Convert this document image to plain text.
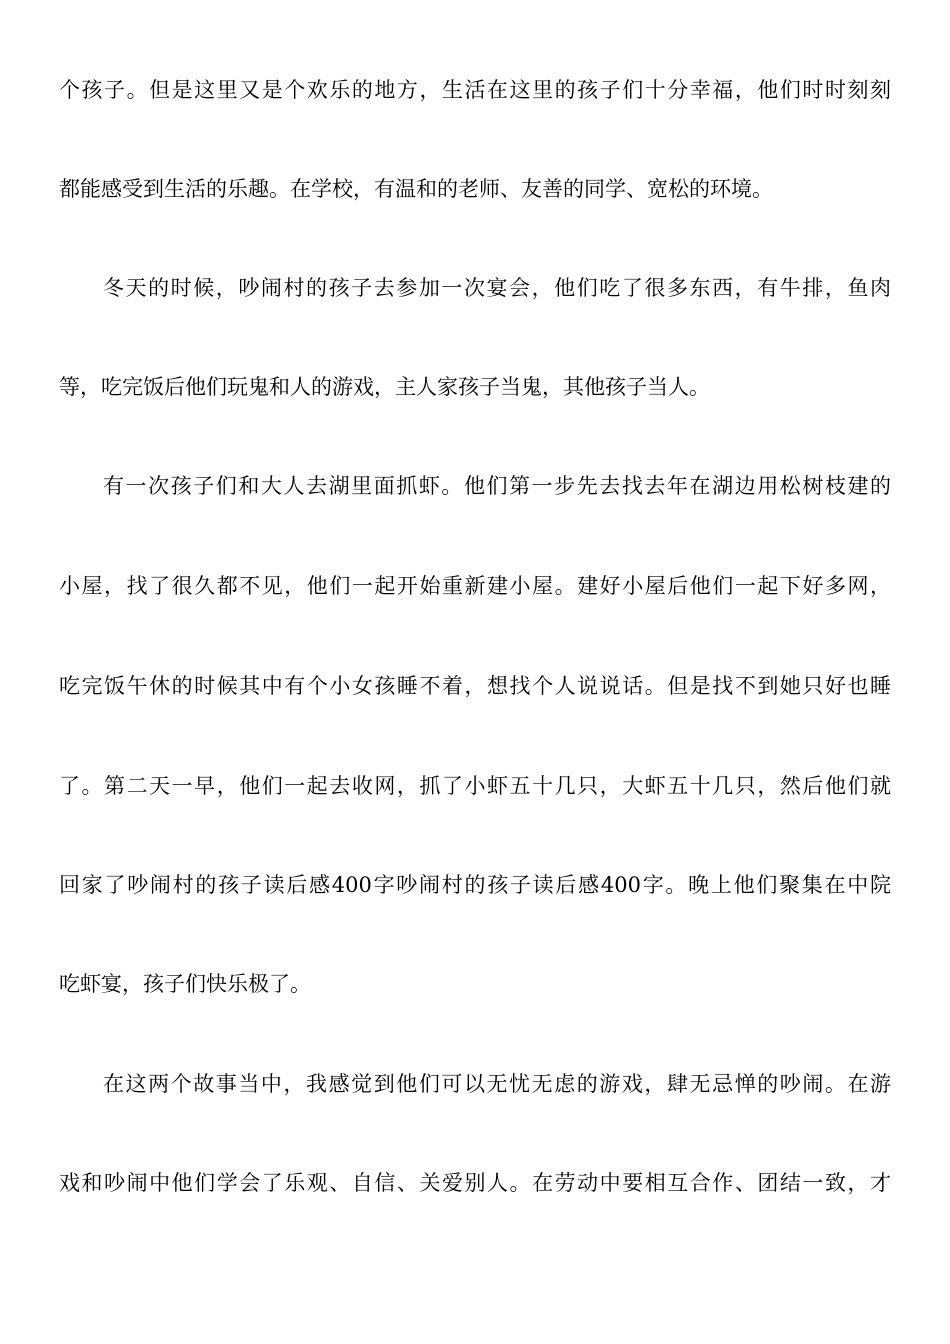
个孩子。但是这里又是个欢乐的地方，生活在这里的孩子们十分幸福，他们时时刻刻
都能感受到生活的乐趣。在学校，有温和的老师、友善的同学、宽松的环境。
冬天的时候，吵闹村的孩子去参加一次宴会，他们吃了很多东西，有牛排，鱼肉
等，吃完饭后他们玩鬼和人的游戏，主人家孩子当鬼，其他孩子当人。
有一次孩子们和大人去湖里面抓虾。他们第一步先去找去年在湖边用松树枝建的
小屋，找了很久都不见，他们一起开始重新建小屋。建好小屋后他们一起下好多网，
吃完饭午休的时候其中有个小女孩睡不着，想找个人说说话。但是找不到她只好也睡
了。第二天一早，他们一起去收网，抓了小虾五十几只，大虾五十几只，然后他们就
回家了吵闹村的孩子读后感400字吵闹村的孩子读后感400字。晚上他们聚集在中院
吃虾宴，孩子们快乐极了。
在这两个故事当中，我感觉到他们可以无忧无虑的游戏，肆无忌惮的吵闹。在游
戏和吵闹中他们学会了乐观、自信、关爱别人。在劳动中要相互合作、团结一致，才
